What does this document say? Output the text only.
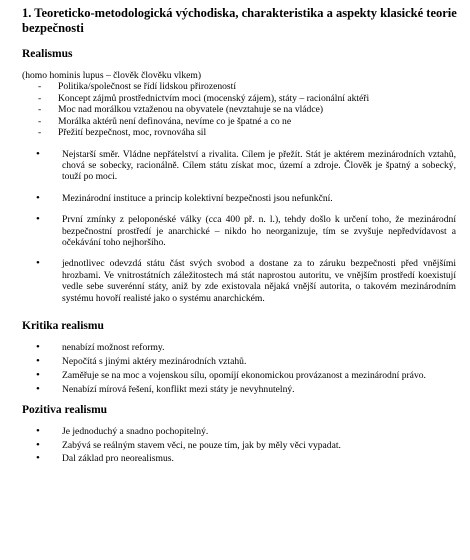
1. Teoreticko-metodologická východiska, charakteristika a aspekty klasické teorie bezpečnosti
Realismus
(homo hominis lupus – člověk člověku vlkem)
- Politika/společnost se řídí lidskou přirozeností
- Koncept zájmů prostřednictvím moci (mocenský zájem), státy – racionální aktéři
- Moc nad morálkou vztaženou na obyvatele (nevztahuje se na vládce)
- Morálka aktérů není definována, nevíme co je špatné a co ne
- Přežití bezpečnost, moc, rovnováha sil
• Nejstarší směr. Vládne nepřátelství a rivalita. Cílem je přežít. Stát je aktérem mezinárodních vztahů, chová se sobecky, racionálně. Cílem státu získat moc, území a zdroje. Člověk je špatný a sobecký, touží po moci.
• Mezinárodní instituce a princip kolektivní bezpečnosti jsou nefunkční.
• První zmínky z peloponéské války (cca 400 př. n. l.), tehdy došlo k určení toho, že mezinárodní bezpečnostní prostředí je anarchické – nikdo ho neorganizuje, tím se zvyšuje nepředvídavost a očekávání toho nejhoršího.
• jednotlivec odevzdá státu část svých svobod a dostane za to záruku bezpečnosti před vnějšími hrozbami. Ve vnitrostátních záležitostech má stát naprostou autoritu, ve vnějším prostředí koexistují vedle sebe suverénní státy, aniž by zde existovala nějaká vnější autorita, o takovém mezinárodním systému hovoří realisté jako o systému anarchickém.
Kritika realismu
• nenabízí možnost reformy.
• Nepočítá s jinými aktéry mezinárodních vztahů.
• Zaměřuje se na moc a vojenskou sílu, opomíjí ekonomickou provázanost a mezinárodní právo.
• Nenabízí mírová řešení, konflikt mezi státy je nevyhnutelný.
Pozitiva realismu
• Je jednoduchý a snadno pochopitelný.
• Zabývá se reálným stavem věci, ne pouze tím, jak by měly věci vypadat.
• Dal základ pro neorealismus.
